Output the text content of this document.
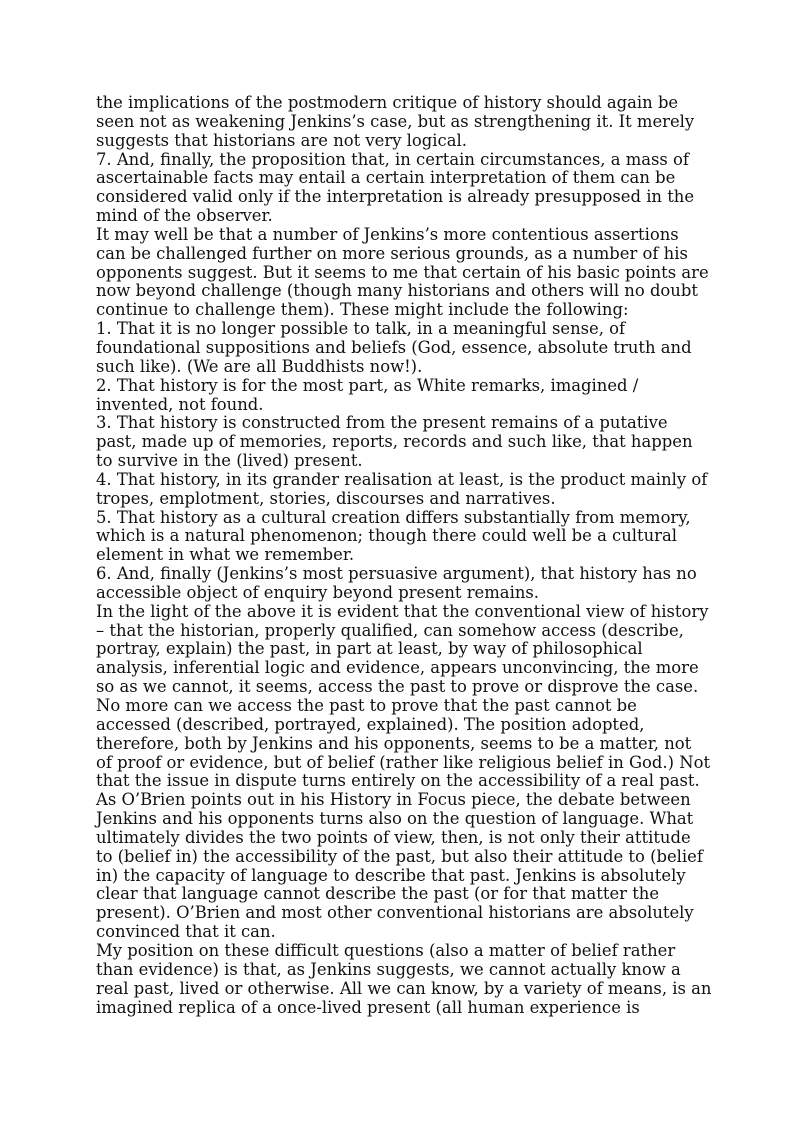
the implications of the postmodern critique of history should again be
seen not as weakening Jenkins’s case, but as strengthening it. It merely
suggests that historians are not very logical.
7. And, finally, the proposition that, in certain circumstances, a mass of
ascertainable facts may entail a certain interpretation of them can be
considered valid only if the interpretation is already presupposed in the
mind of the observer.
It may well be that a number of Jenkins’s more contentious assertions
can be challenged further on more serious grounds, as a number of his
opponents suggest. But it seems to me that certain of his basic points are
now beyond challenge (though many historians and others will no doubt
continue to challenge them). These might include the following:
1. That it is no longer possible to talk, in a meaningful sense, of
foundational suppositions and beliefs (God, essence, absolute truth and
such like). (We are all Buddhists now!).
2. That history is for the most part, as White remarks, imagined /
invented, not found.
3. That history is constructed from the present remains of a putative
past, made up of memories, reports, records and such like, that happen
to survive in the (lived) present.
4. That history, in its grander realisation at least, is the product mainly of
tropes, emplotment, stories, discourses and narratives.
5. That history as a cultural creation differs substantially from memory,
which is a natural phenomenon; though there could well be a cultural
element in what we remember.
6. And, finally (Jenkins’s most persuasive argument), that history has no
accessible object of enquiry beyond present remains.
In the light of the above it is evident that the conventional view of history
– that the historian, properly qualified, can somehow access (describe,
portray, explain) the past, in part at least, by way of philosophical
analysis, inferential logic and evidence, appears unconvincing, the more
so as we cannot, it seems, access the past to prove or disprove the case.
No more can we access the past to prove that the past cannot be
accessed (described, portrayed, explained). The position adopted,
therefore, both by Jenkins and his opponents, seems to be a matter, not
of proof or evidence, but of belief (rather like religious belief in God.) Not
that the issue in dispute turns entirely on the accessibility of a real past.
As O’Brien points out in his History in Focus piece, the debate between
Jenkins and his opponents turns also on the question of language. What
ultimately divides the two points of view, then, is not only their attitude
to (belief in) the accessibility of the past, but also their attitude to (belief
in) the capacity of language to describe that past. Jenkins is absolutely
clear that language cannot describe the past (or for that matter the
present). O’Brien and most other conventional historians are absolutely
convinced that it can.
My position on these difficult questions (also a matter of belief rather
than evidence) is that, as Jenkins suggests, we cannot actually know a
real past, lived or otherwise. All we can know, by a variety of means, is an
imagined replica of a once-lived present (all human experience is
